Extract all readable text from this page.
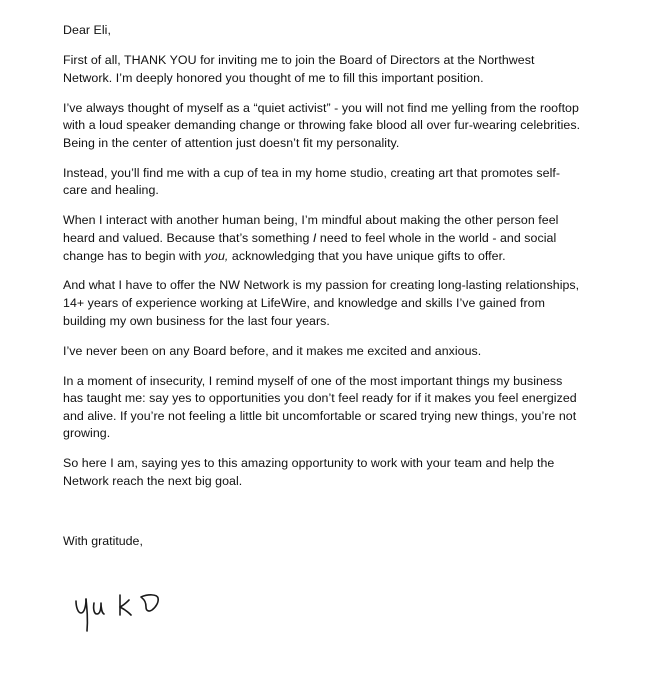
Dear Eli,

First of all, THANK YOU for inviting me to join the Board of Directors at the Northwest Network. I’m deeply honored you thought of me to fill this important position.

I’ve always thought of myself as a “quiet activist” - you will not find me yelling from the rooftop with a loud speaker demanding change or throwing fake blood all over fur-wearing celebrities. Being in the center of attention just doesn’t fit my personality.

Instead, you’ll find me with a cup of tea in my home studio, creating art that promotes self-care and healing.

When I interact with another human being, I’m mindful about making the other person feel heard and valued. Because that’s something I need to feel whole in the world - and social change has to begin with you, acknowledging that you have unique gifts to offer.

And what I have to offer the NW Network is my passion for creating long-lasting relationships, 14+ years of experience working at LifeWire, and knowledge and skills I’ve gained from building my own business for the last four years.

I’ve never been on any Board before, and it makes me excited and anxious.

In a moment of insecurity, I remind myself of one of the most important things my business has taught me: say yes to opportunities you don’t feel ready for if it makes you feel energized and alive. If you’re not feeling a little bit uncomfortable or scared trying new things, you’re not growing.

So here I am, saying yes to this amazing opportunity to work with your team and help the Network reach the next big goal.

With gratitude,
